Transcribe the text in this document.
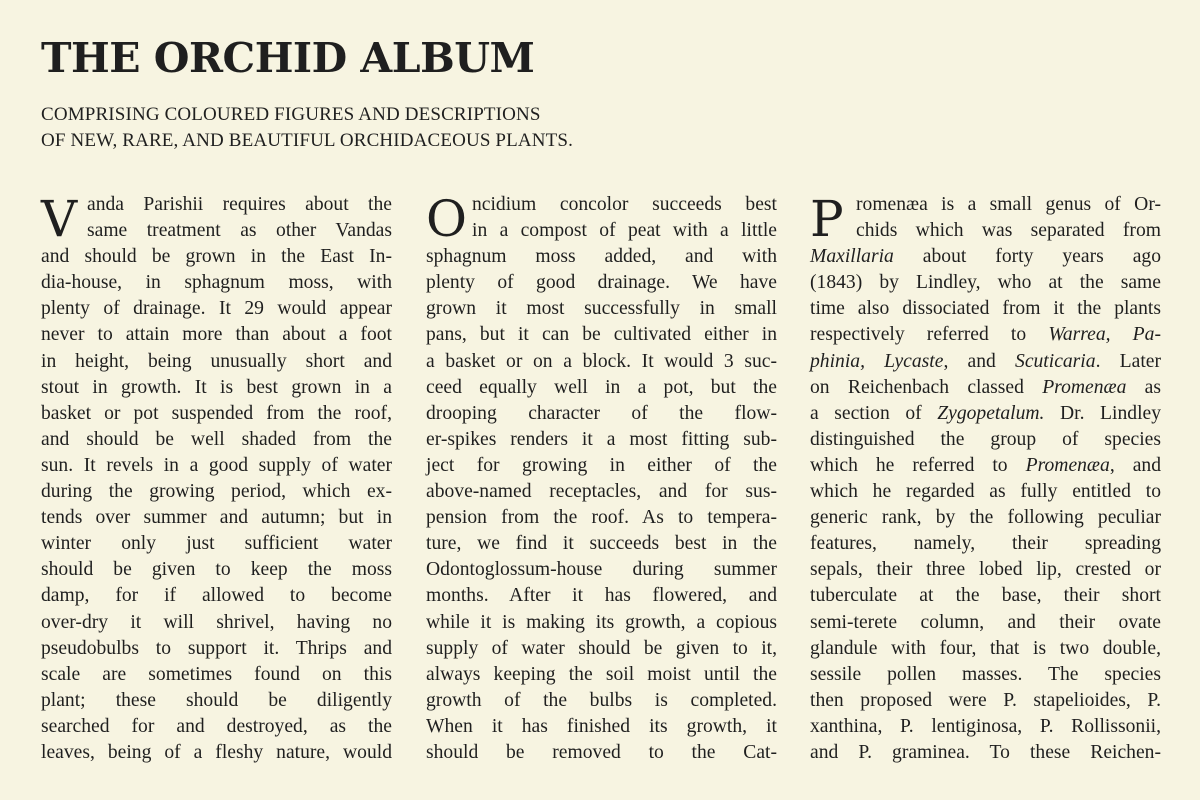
THE ORCHID ALBUM
COMPRISING COLOURED FIGURES AND DESCRIPTIONS
OF NEW, RARE, AND BEAUTIFUL ORCHIDACEOUS PLANTS.
V anda Parishii requires about the
same treatment as other Vandas
and should be grown in the East In-
dia-house, in sphagnum moss, with
plenty of drainage. It 29 would appear
never to attain more than about a foot
in height, being unusually short and
stout in growth. It is best grown in a
basket or pot suspended from the roof,
and should be well shaded from the
sun. It revels in a good supply of water
during the growing period, which ex-
tends over summer and autumn; but in
winter only just sufficient water
should be given to keep the moss
damp, for if allowed to become
over-dry it will shrivel, having no
pseudobulbs to support it. Thrips and
scale are sometimes found on this
plant; these should be diligently
searched for and destroyed, as the
leaves, being of a fleshy nature, would
O ncidium concolor succeeds best
in a compost of peat with a little
sphagnum moss added, and with
plenty of good drainage. We have
grown it most successfully in small
pans, but it can be cultivated either in
a basket or on a block. It would 3 suc-
ceed equally well in a pot, but the
drooping character of the flow-
er-spikes renders it a most fitting sub-
ject for growing in either of the
above-named receptacles, and for sus-
pension from the roof. As to tempera-
ture, we find it succeeds best in the
Odontoglossum-house during summer
months. After it has flowered, and
while it is making its growth, a copious
supply of water should be given to it,
always keeping the soil moist until the
growth of the bulbs is completed.
When it has finished its growth, it
should be removed to the Cat-
P romenæa is a small genus of Or-
chids which was separated from
Maxillaria about forty years ago
(1843) by Lindley, who at the same
time also dissociated from it the plants
respectively referred to Warrea, Pa-
phinia, Lycaste, and Scuticaria. Later
on Reichenbach classed Promenæa as
a section of Zygopetalum. Dr. Lindley
distinguished the group of species
which he referred to Promenæa, and
which he regarded as fully entitled to
generic rank, by the following peculiar
features, namely, their spreading
sepals, their three lobed lip, crested or
tuberculate at the base, their short
semi-terete column, and their ovate
glandule with four, that is two double,
sessile pollen masses. The species
then proposed were P. stapelioides, P.
xanthina, P. lentiginosa, P. Rollissonii,
and P. graminea. To these Reichen-
